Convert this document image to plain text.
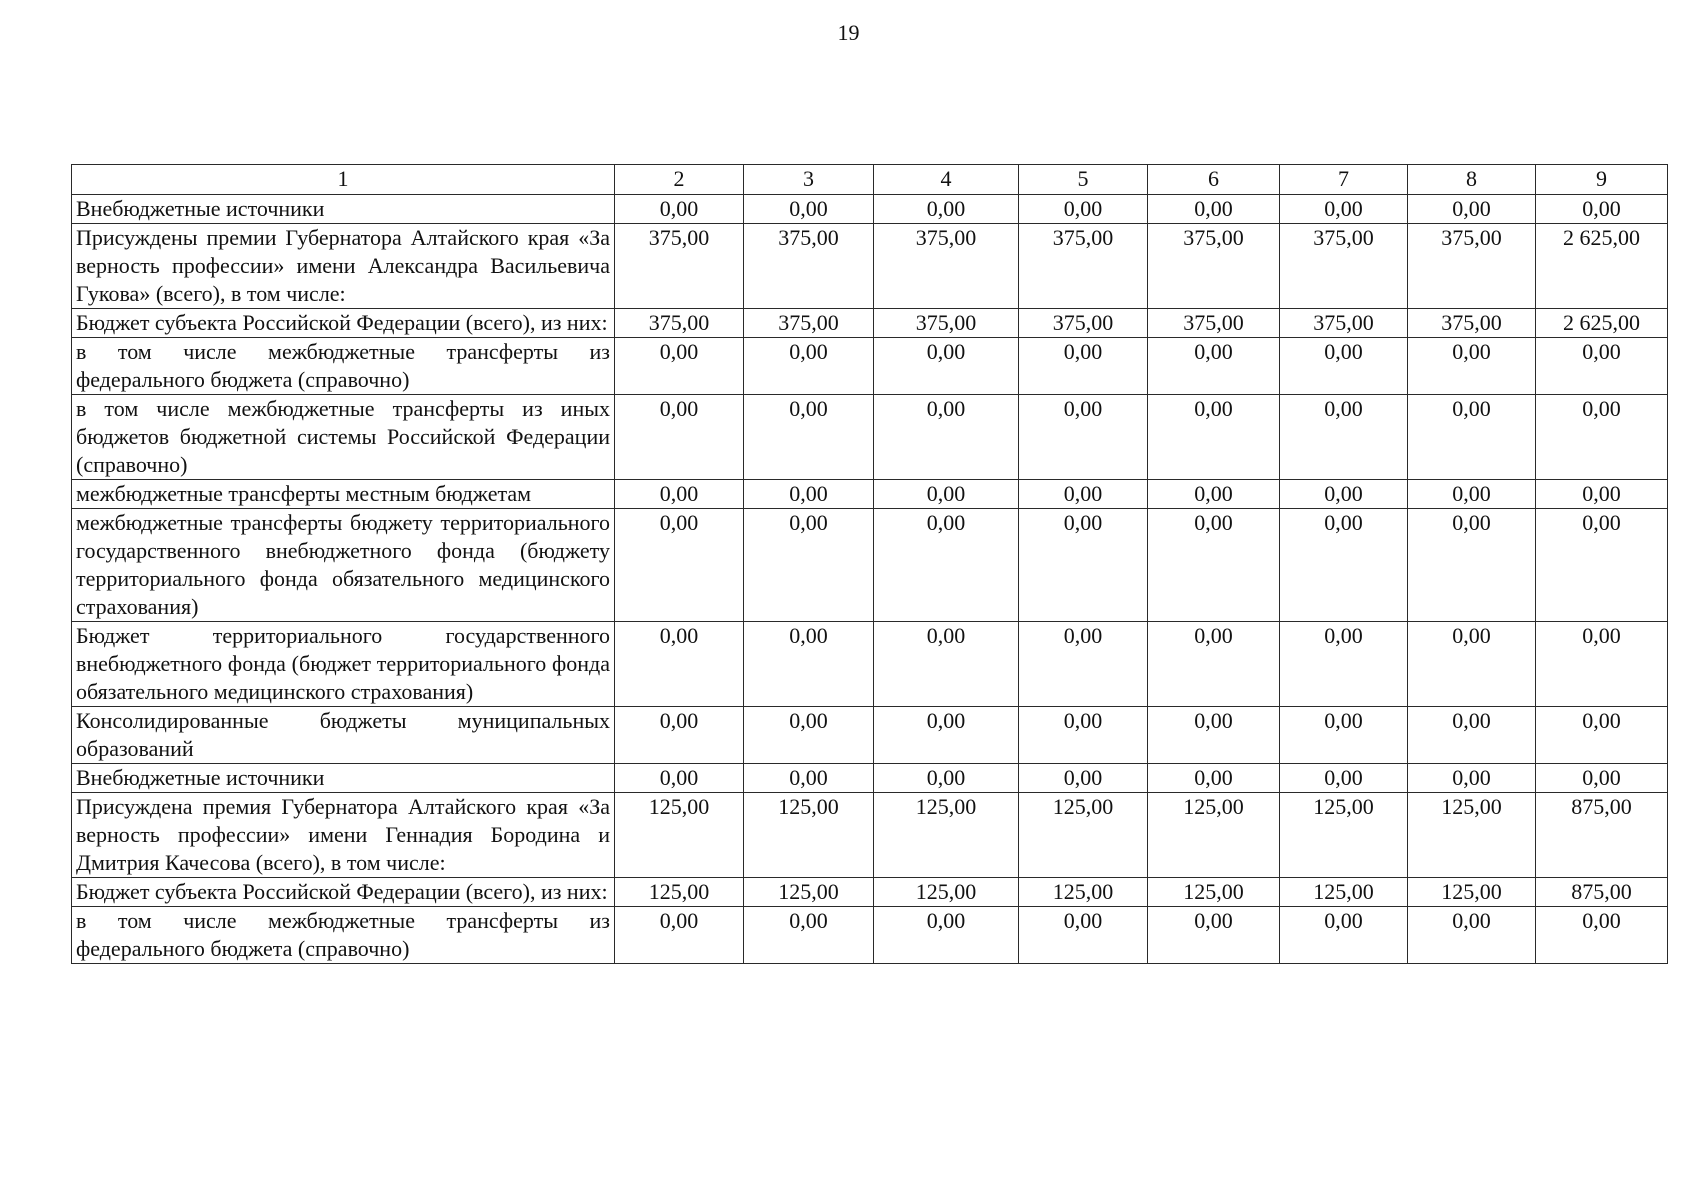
19
1	2	3	4	5	6	7	8	9
Внебюджетные источники	0,00	0,00	0,00	0,00	0,00	0,00	0,00	0,00
Присуждены премии Губернатора Алтайского края «За верность профессии» имени Александра Васильевича Гукова» (всего), в том числе:	375,00	375,00	375,00	375,00	375,00	375,00	375,00	2 625,00
Бюджет субъекта Российской Федерации (всего), из них:	375,00	375,00	375,00	375,00	375,00	375,00	375,00	2 625,00
в том числе межбюджетные трансферты из федерального бюджета (справочно)	0,00	0,00	0,00	0,00	0,00	0,00	0,00	0,00
в том числе межбюджетные трансферты из иных бюджетов бюджетной системы Российской Федерации (справочно)	0,00	0,00	0,00	0,00	0,00	0,00	0,00	0,00
межбюджетные трансферты местным бюджетам	0,00	0,00	0,00	0,00	0,00	0,00	0,00	0,00
межбюджетные трансферты бюджету территориального государственного внебюджетного фонда (бюджету территориального фонда обязательного медицинского страхования)	0,00	0,00	0,00	0,00	0,00	0,00	0,00	0,00
Бюджет территориального государственного внебюджетного фонда (бюджет территориального фонда обязательного медицинского страхования)	0,00	0,00	0,00	0,00	0,00	0,00	0,00	0,00
Консолидированные бюджеты муниципальных образований	0,00	0,00	0,00	0,00	0,00	0,00	0,00	0,00
Внебюджетные источники	0,00	0,00	0,00	0,00	0,00	0,00	0,00	0,00
Присуждена премия Губернатора Алтайского края «За верность профессии» имени Геннадия Бородина и Дмитрия Качесова (всего), в том числе:	125,00	125,00	125,00	125,00	125,00	125,00	125,00	875,00
Бюджет субъекта Российской Федерации (всего), из них:	125,00	125,00	125,00	125,00	125,00	125,00	125,00	875,00
в том числе межбюджетные трансферты из федерального бюджета (справочно)	0,00	0,00	0,00	0,00	0,00	0,00	0,00	0,00
